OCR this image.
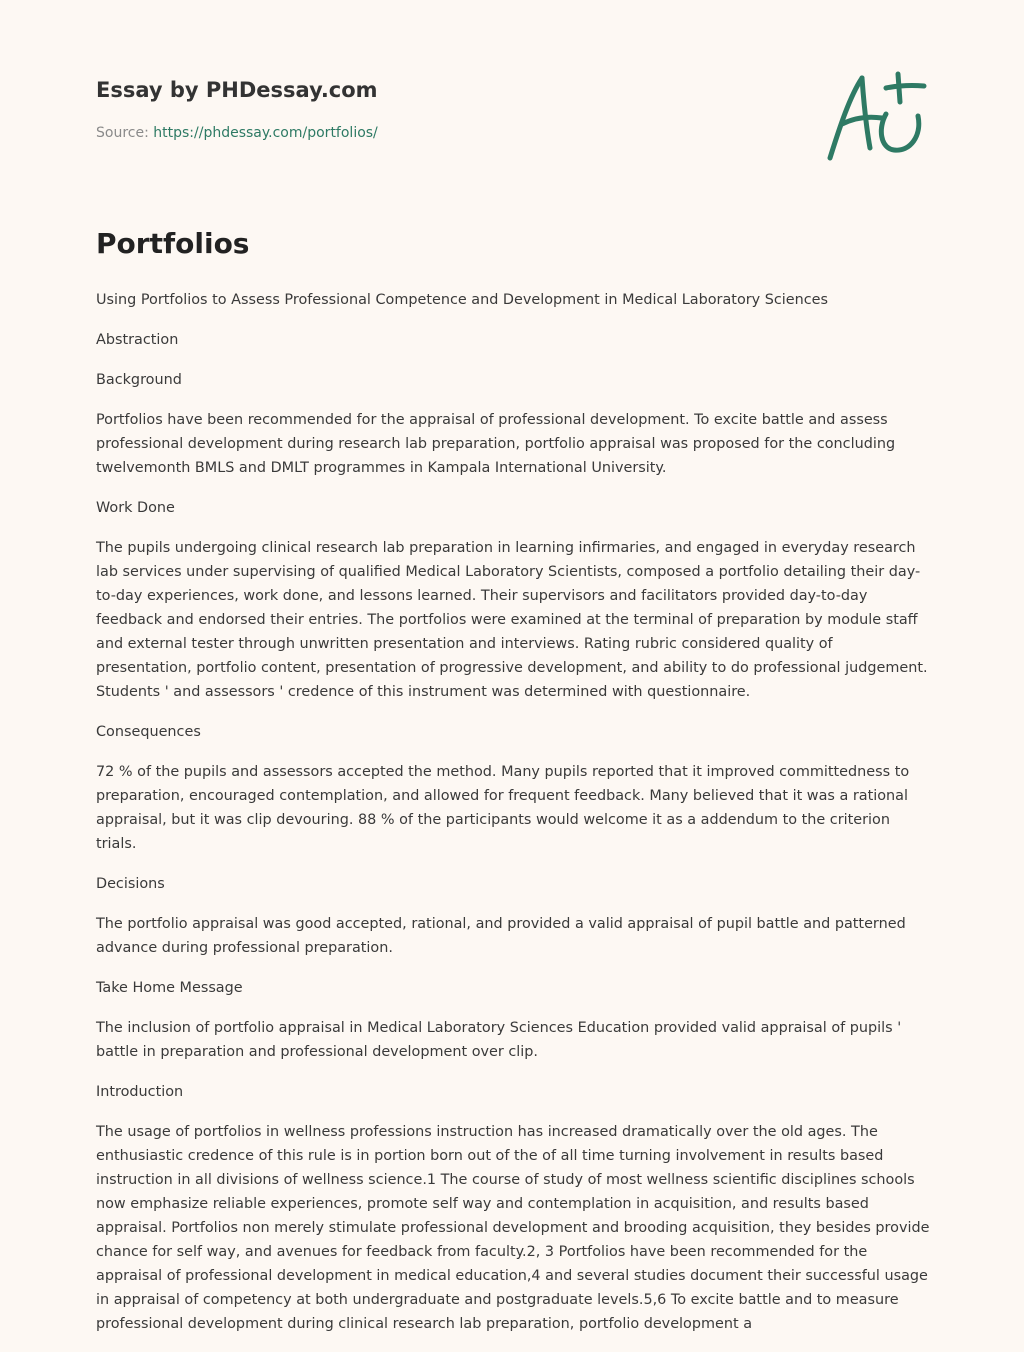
Essay by PHDessay.com
Source: https://phdessay.com/portfolios/
Portfolios

Using Portfolios to Assess Professional Competence and Development in Medical Laboratory Sciences

Abstraction

Background

Portfolios have been recommended for the appraisal of professional development. To excite battle and assess professional development during research lab preparation, portfolio appraisal was proposed for the concluding twelvemonth BMLS and DMLT programmes in Kampala International University.

Work Done

The pupils undergoing clinical research lab preparation in learning infirmaries, and engaged in everyday research lab services under supervising of qualified Medical Laboratory Scientists, composed a portfolio detailing their day-to-day experiences, work done, and lessons learned. Their supervisors and facilitators provided day-to-day feedback and endorsed their entries. The portfolios were examined at the terminal of preparation by module staff and external tester through unwritten presentation and interviews. Rating rubric considered quality of presentation, portfolio content, presentation of progressive development, and ability to do professional judgement. Students ' and assessors ' credence of this instrument was determined with questionnaire.

Consequences

72 % of the pupils and assessors accepted the method. Many pupils reported that it improved committedness to preparation, encouraged contemplation, and allowed for frequent feedback. Many believed that it was a rational appraisal, but it was clip devouring. 88 % of the participants would welcome it as a addendum to the criterion trials.

Decisions

The portfolio appraisal was good accepted, rational, and provided a valid appraisal of pupil battle and patterned advance during professional preparation.

Take Home Message

The inclusion of portfolio appraisal in Medical Laboratory Sciences Education provided valid appraisal of pupils ' battle in preparation and professional development over clip.

Introduction

The usage of portfolios in wellness professions instruction has increased dramatically over the old ages. The enthusiastic credence of this rule is in portion born out of the of all time turning involvement in results based instruction in all divisions of wellness science.1 The course of study of most wellness scientific disciplines schools now emphasize reliable experiences, promote self way and contemplation in acquisition, and results based appraisal. Portfolios non merely stimulate professional development and brooding acquisition, they besides provide chance for self way, and avenues for feedback from faculty.2, 3 Portfolios have been recommended for the appraisal of professional development in medical education,4 and several studies document their successful usage in appraisal of competency at both undergraduate and postgraduate levels.5,6 To excite battle and to measure professional development during clinical research lab preparation, portfolio development a
